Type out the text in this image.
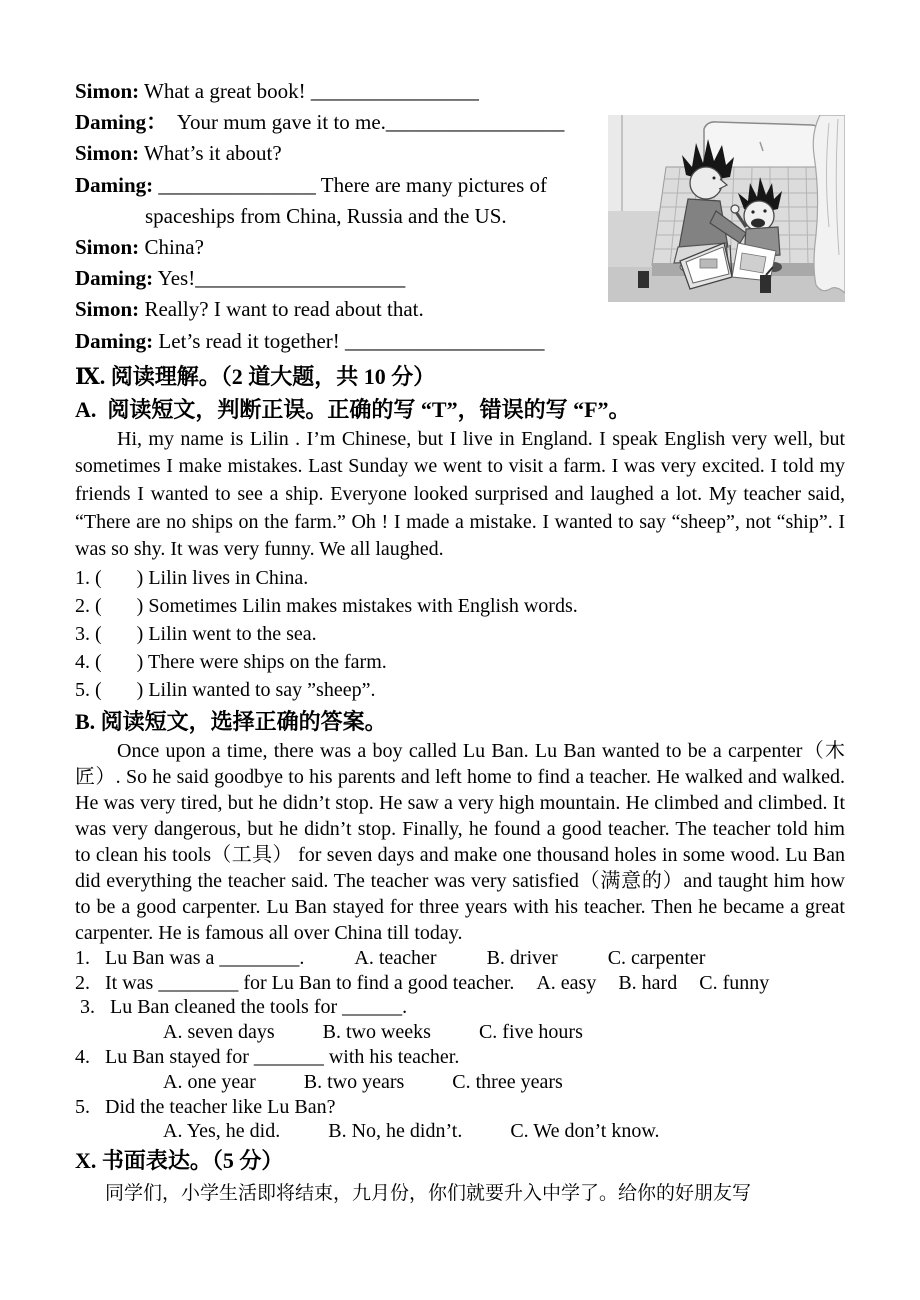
Simon: What a great book! ________________
Daming：  Your mum gave it to me._________________
Simon: What’s it about?
Daming: _______________ There are many pictures of
spaceships from China, Russia and the US.
Simon: China?
Daming: Yes!____________________
Simon: Really? I want to read about that.
Daming: Let’s read it together! ___________________
Ⅸ. 阅读理解。（2 道大题，共 10 分）
A.  阅读短文，判断正误。正确的写 “T”，错误的写 “F”。

Hi, my name is Lilin . I’m Chinese, but I live in England. I speak English very well, but sometimes I make mistakes. Last Sunday we went to visit a farm. I was very excited. I told my friends I wanted to see a ship. Everyone looked surprised and laughed a lot. My teacher said, “There are no ships on the farm.” Oh ! I made a mistake. I wanted to say “sheep”, not “ship”. I was so shy. It was very funny. We all laughed.

1. (       ) Lilin lives in China.
2. (       ) Sometimes Lilin makes mistakes with English words.
3. (       ) Lilin went to the sea.
4. (       ) There were ships on the farm.
5. (       ) Lilin wanted to say ”sheep”.
B. 阅读短文，选择正确的答案。

Once upon a time, there was a boy called Lu Ban. Lu Ban wanted to be a carpenter（木匠）. So he said goodbye to his parents and left home to find a teacher. He walked and walked. He was very tired, but he didn’t stop. He saw a very high mountain. He climbed and climbed. It was very dangerous, but he didn’t stop. Finally, he found a good teacher. The teacher told him to clean his tools（工具） for seven days and make one thousand holes in some wood. Lu Ban did everything the teacher said. The teacher was very satisfied（满意的）and taught him how to be a good carpenter. Lu Ban stayed for three years with his teacher. Then he became a great carpenter. He is famous all over China till today.

1.   Lu Ban was a ________.	A. teacher	B. driver	C. carpenter
2.   It was ________ for Lu Ban to find a good teacher. A. easy B. hard C. funny
3.   Lu Ban cleaned the tools for ______.
A. seven days B. two weeks C. five hours
4.   Lu Ban stayed for _______ with his teacher.
A. one year B. two years C. three years
5.   Did the teacher like Lu Ban?
A. Yes, he did. B. No, he didn’t. C. We don’t know.
X. 书面表达。（5 分）

同学们，小学生活即将结束，九月份，你们就要升入中学了。给你的好朋友写
